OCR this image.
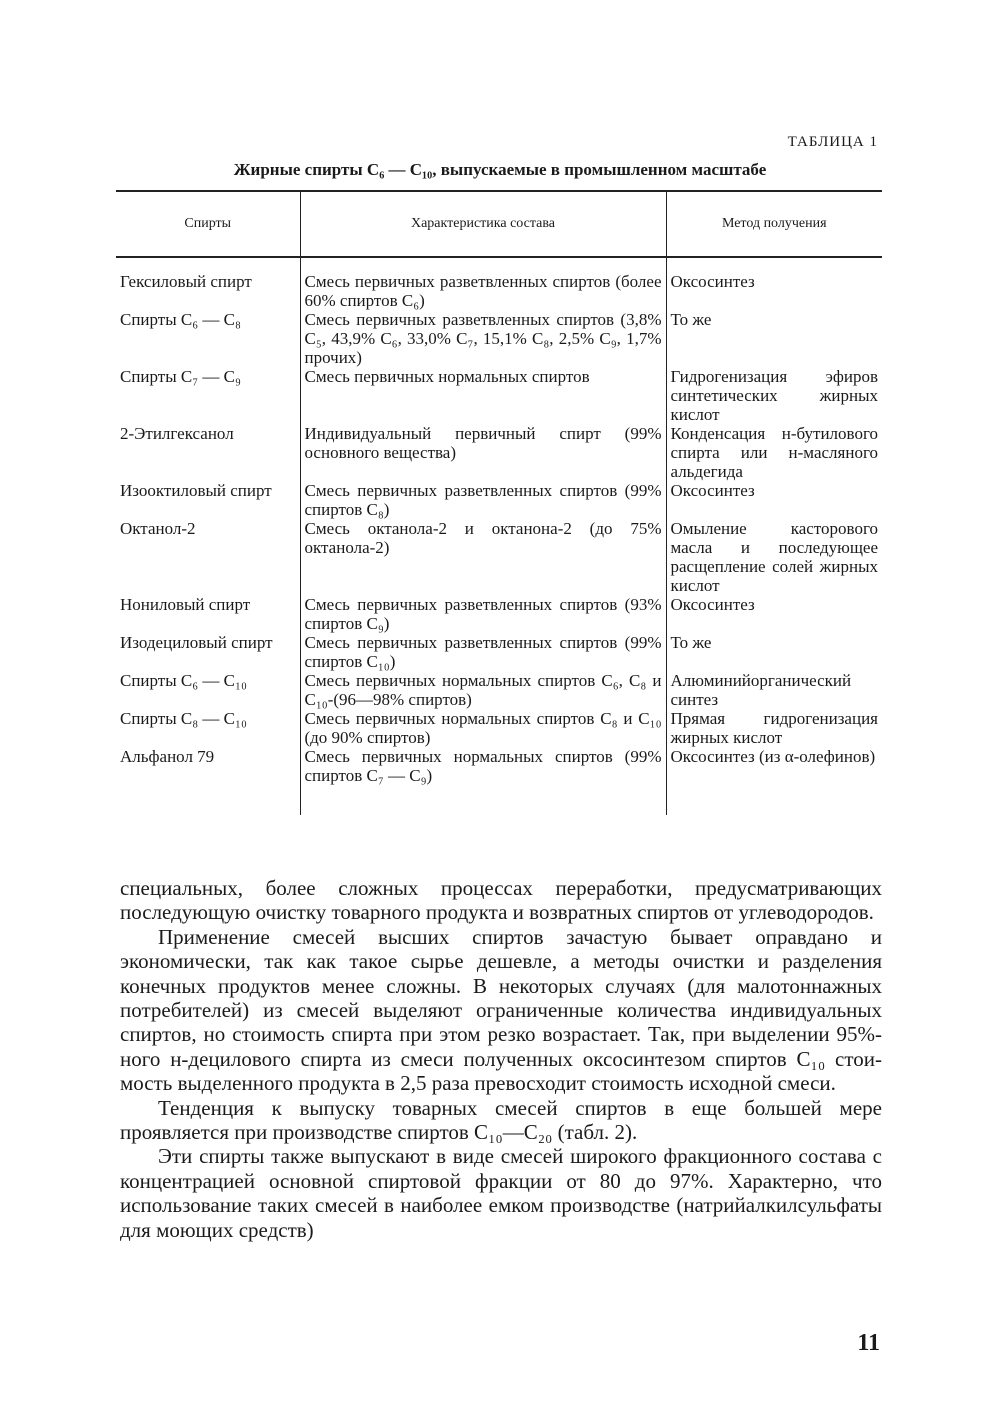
ТАБЛИЦА 1
Жирные спирты C₆ — C₁₀, выпускаемые в промышленном масштабе
Спирты	Характеристика состава	Метод получения

Гексиловый спирт	Смесь первичных разветвленных спиртов (более 60% спиртов C₆)	Оксосинтез
Спирты C₆ — C₈	Смесь первичных разветвленных спиртов (3,8% C₅, 43,9% C₆, 33,0% C₇, 15,1% C₈, 2,5% C₉, 1,7% прочих)	То же
Спирты C₇ — C₉	Смесь первичных нормальных спиртов	Гидрогенизация эфиров синтетических жирных кислот
2-Этилгексанол	Индивидуальный первичный спирт (99% основного вещества)	Конденсация н-бутилового спирта или н-масляного альдегида
Изооктиловый спирт	Смесь первичных разветвленных спиртов (99% спиртов C₈)	Оксосинтез
Октанол-2	Смесь октанола-2 и октанона-2 (до 75% октанола-2)	Омыление касторового масла и последующее расщепление солей жирных кислот
Нониловый спирт	Смесь первичных разветвленных спиртов (93% спиртов C₉)	Оксосинтез
Изодециловый спирт	Смесь первичных разветвленных спиртов (99% спиртов C₁₀)	То же
Спирты C₆ — C₁₀	Смесь первичных нормальных спиртов C₆, C₈ и C₁₀-(96—98% спиртов)	Алюминийорганический синтез
Спирты C₈ — C₁₀	Смесь первичных нормальных спиртов C₈ и C₁₀ (до 90% спиртов)	Прямая гидрогенизация жирных кислот
Альфанол 79	Смесь первичных нормальных спиртов (99% спиртов C₇ — C₉)	Оксосинтез (из α-олефинов)

специальных, более сложных процессах переработки, предусматривающих последующую очистку товарного продукта и возвратных спиртов от углеводородов.

Применение смесей высших спиртов зачастую бывает оправдано и экономически, так как такое сырье дешевле, а методы очистки и разделения конечных продуктов менее сложны. В некоторых случаях (для малотоннажных потребителей) из смесей выделяют ограниченные количества индивидуальных спиртов, но стоимость спирта при этом резко возрастает. Так, при выделении 95%-ного н-децилового спирта из смеси полученных оксосинтезом спиртов C₁₀ стоимость выделенного продукта в 2,5 раза превосходит стоимость исходной смеси.

Тенденция к выпуску товарных смесей спиртов в еще большей мере проявляется при производстве спиртов C₁₀—C₂₀ (табл. 2).

Эти спирты также выпускают в виде смесей широкого фракционного состава с концентрацией основной спиртовой фракции от 80 до 97%. Характерно, что использование таких смесей в наиболее емком производстве (натрийалкилсульфаты для моющих средств)

11
